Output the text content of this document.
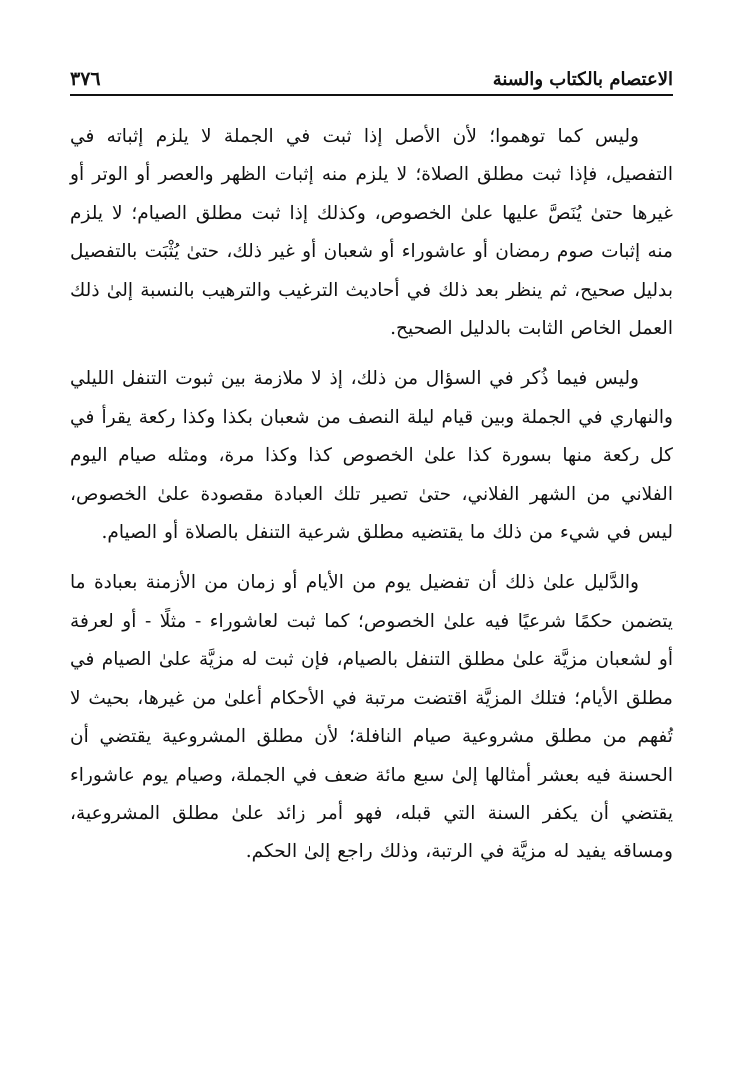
الاعتصام بالكتاب والسنة
٣٧٦

وليس كما توهموا؛ لأن الأصل إذا ثبت في الجملة لا يلزم إثباته في التفصيل، فإذا ثبت مطلق الصلاة؛ لا يلزم منه إثبات الظهر والعصر أو الوتر أو غيرها حتىٰ يُنَصَّ عليها علىٰ الخصوص، وكذلك إذا ثبت مطلق الصيام؛ لا يلزم منه إثبات صوم رمضان أو عاشوراء أو شعبان أو غير ذلك، حتىٰ يُثْبَت بالتفصيل بدليل صحيح، ثم ينظر بعد ذلك في أحاديث الترغيب والترهيب بالنسبة إلىٰ ذلك العمل الخاص الثابت بالدليل الصحيح.

وليس فيما ذُكر في السؤال من ذلك، إذ لا ملازمة بين ثبوت التنفل الليلي والنهاري في الجملة وبين قيام ليلة النصف من شعبان بكذا وكذا ركعة يقرأ في كل ركعة منها بسورة كذا علىٰ الخصوص كذا وكذا مرة، ومثله صيام اليوم الفلاني من الشهر الفلاني، حتىٰ تصير تلك العبادة مقصودة علىٰ الخصوص، ليس في شيء من ذلك ما يقتضيه مطلق شرعية التنفل بالصلاة أو الصيام.

والدَّليل علىٰ ذلك أن تفضيل يوم من الأيام أو زمان من الأزمنة بعبادة ما يتضمن حكمًا شرعيًا فيه علىٰ الخصوص؛ كما ثبت لعاشوراء - مثلًا - أو لعرفة أو لشعبان مزيَّة علىٰ مطلق التنفل بالصيام، فإن ثبت له مزيَّة علىٰ الصيام في مطلق الأيام؛ فتلك المزيَّة اقتضت مرتبة في الأحكام أعلىٰ من غيرها، بحيث لا تُفهم من مطلق مشروعية صيام النافلة؛ لأن مطلق المشروعية يقتضي أن الحسنة فيه بعشر أمثالها إلىٰ سبع مائة ضعف في الجملة، وصيام يوم عاشوراء يقتضي أن يكفر السنة التي قبله، فهو أمر زائد علىٰ مطلق المشروعية، ومساقه يفيد له مزيَّة في الرتبة، وذلك راجع إلىٰ الحكم.
